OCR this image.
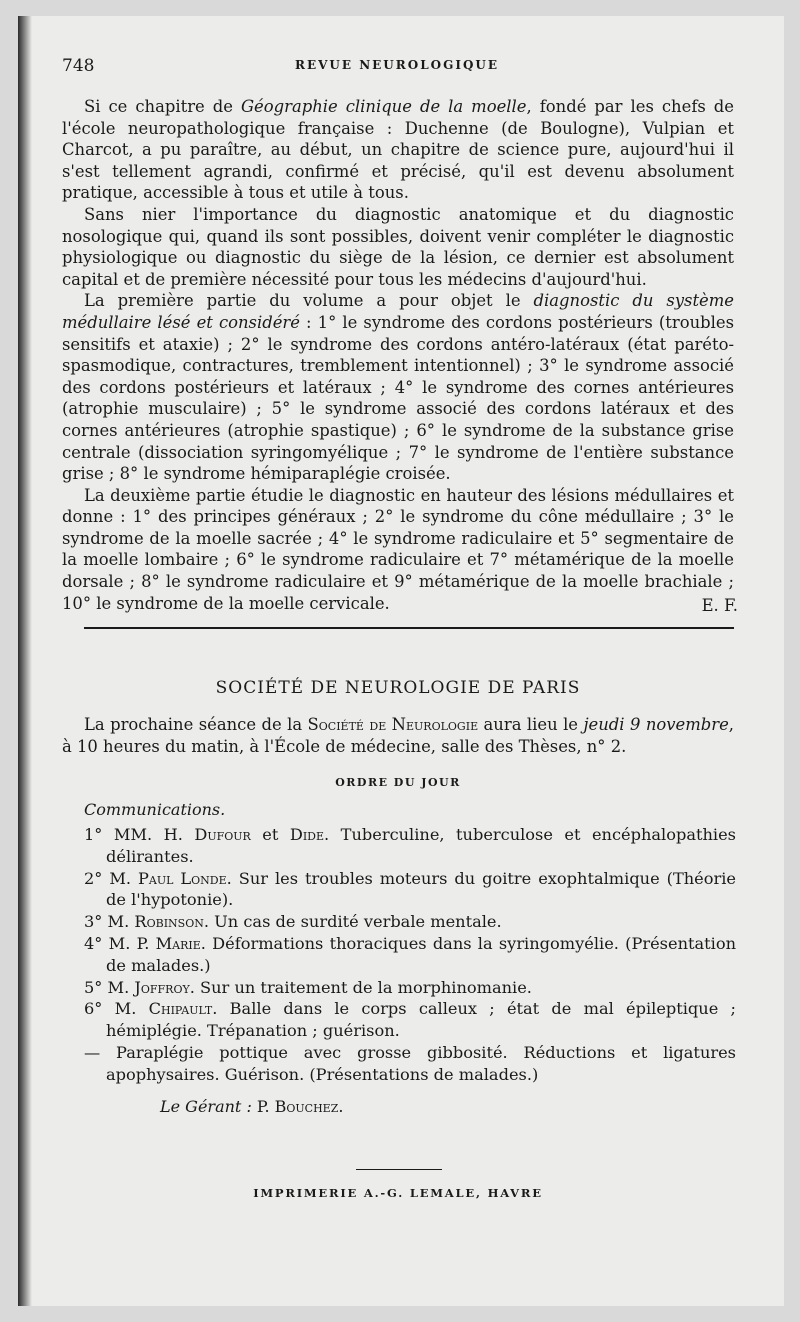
748	REVUE NEUROLOGIQUE

Si ce chapitre de Géographie clinique de la moelle, fondé par les chefs de l'école neuropathologique française : Duchenne (de Boulogne), Vulpian et Charcot, a pu paraître, au début, un chapitre de science pure, aujourd'hui il s'est tellement agrandi, confirmé et précisé, qu'il est devenu absolument pratique, accessible à tous et utile à tous.

Sans nier l'importance du diagnostic anatomique et du diagnostic nosologique qui, quand ils sont possibles, doivent venir compléter le diagnostic physiologique ou diagnostic du siège de la lésion, ce dernier est absolument capital et de première nécessité pour tous les médecins d'aujourd'hui.

La première partie du volume a pour objet le diagnostic du système médullaire lésé et considéré : 1° le syndrome des cordons postérieurs (troubles sensitifs et ataxie) ; 2° le syndrome des cordons antéro-latéraux (état paréto-spasmodique, contractures, tremblement intentionnel) ; 3° le syndrome associé des cordons postérieurs et latéraux ; 4° le syndrome des cornes antérieures (atrophie musculaire) ; 5° le syndrome associé des cordons latéraux et des cornes antérieures (atrophie spastique) ; 6° le syndrome de la substance grise centrale (dissociation syringomyélique ; 7° le syndrome de l'entière substance grise ; 8° le syndrome hémiparaplégie croisée.

La deuxième partie étudie le diagnostic en hauteur des lésions médullaires et donne : 1° des principes généraux ; 2° le syndrome du cône médullaire ; 3° le syndrome de la moelle sacrée ; 4° le syndrome radiculaire et 5° segmentaire de la moelle lombaire ; 6° le syndrome radiculaire et 7° métamérique de la moelle dorsale ; 8° le syndrome radiculaire et 9° métamérique de la moelle brachiale ; 10° le syndrome de la moelle cervicale.	E. F.
SOCIÉTÉ DE NEUROLOGIE DE PARIS

La prochaine séance de la Société de Neurologie aura lieu le jeudi 9 novembre, à 10 heures du matin, à l'École de médecine, salle des Thèses, n° 2.

ORDRE DU JOUR
Communications.
1° MM. H. Dufour et Dide. Tuberculine, tuberculose et encéphalopathies délirantes.
2° M. Paul Londe. Sur les troubles moteurs du goitre exophtalmique (Théorie de l'hypotonie).
3° M. Robinson. Un cas de surdité verbale mentale.
4° M. P. Marie. Déformations thoraciques dans la syringomyélie. (Présentation de malades.)
5° M. Joffroy. Sur un traitement de la morphinomanie.
6° M. Chipault. Balle dans le corps calleux ; état de mal épileptique ; hémiplégie. Trépanation ; guérison.
— Paraplégie pottique avec grosse gibbosité. Réductions et ligatures apophysaires. Guérison. (Présentations de malades.)
Le Gérant : P. Bouchez.
IMPRIMERIE A.-G. LEMALE, HAVRE
